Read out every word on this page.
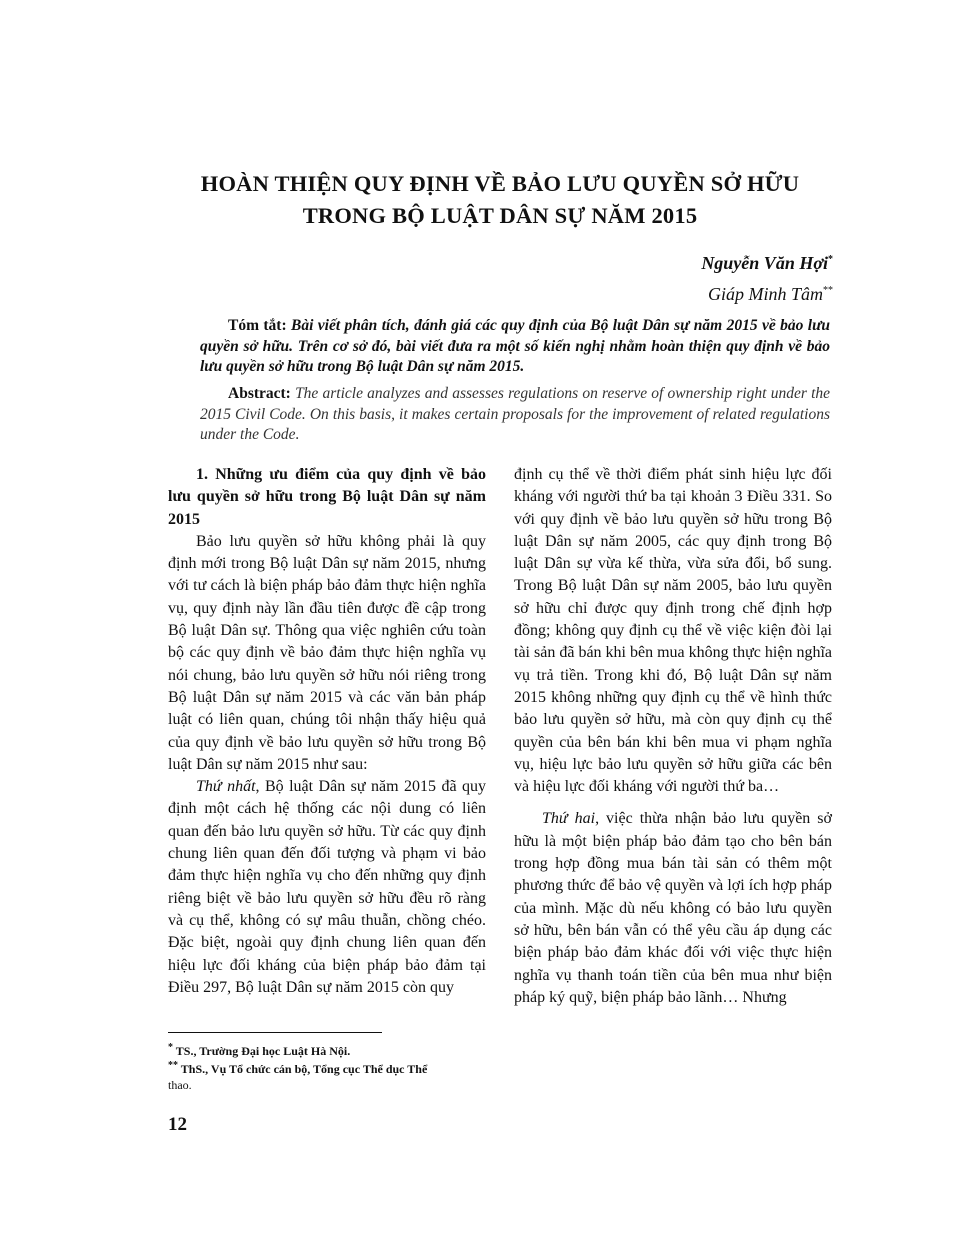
HOÀN THIỆN QUY ĐỊNH VỀ BẢO LƯU QUYỀN SỞ HỮU
TRONG BỘ LUẬT DÂN SỰ NĂM 2015
Nguyễn Văn Hợi*
Giáp Minh Tâm**
Tóm tắt: Bài viết phân tích, đánh giá các quy định của Bộ luật Dân sự năm 2015 về bảo lưu quyền sở hữu. Trên cơ sở đó, bài viết đưa ra một số kiến nghị nhằm hoàn thiện quy định về bảo lưu quyền sở hữu trong Bộ luật Dân sự năm 2015.
Abstract: The article analyzes and assesses regulations on reserve of ownership right under the 2015 Civil Code. On this basis, it makes certain proposals for the improvement of related regulations under the Code.

1. Những ưu điểm của quy định về bảo lưu quyền sở hữu trong Bộ luật Dân sự năm 2015

Bảo lưu quyền sở hữu không phải là quy định mới trong Bộ luật Dân sự năm 2015, nhưng với tư cách là biện pháp bảo đảm thực hiện nghĩa vụ, quy định này lần đầu tiên được đề cập trong Bộ luật Dân sự. Thông qua việc nghiên cứu toàn bộ các quy định về bảo đảm thực hiện nghĩa vụ nói chung, bảo lưu quyền sở hữu nói riêng trong Bộ luật Dân sự năm 2015 và các văn bản pháp luật có liên quan, chúng tôi nhận thấy hiệu quả của quy định về bảo lưu quyền sở hữu trong Bộ luật Dân sự năm 2015 như sau:

Thứ nhất, Bộ luật Dân sự năm 2015 đã quy định một cách hệ thống các nội dung có liên quan đến bảo lưu quyền sở hữu. Từ các quy định chung liên quan đến đối tượng và phạm vi bảo đảm thực hiện nghĩa vụ cho đến những quy định riêng biệt về bảo lưu quyền sở hữu đều rõ ràng và cụ thể, không có sự mâu thuẫn, chồng chéo. Đặc biệt, ngoài quy định chung liên quan đến hiệu lực đối kháng của biện pháp bảo đảm tại Điều 297, Bộ luật Dân sự năm 2015 còn quy

* TS., Trường Đại học Luật Hà Nội.
** ThS., Vụ Tổ chức cán bộ, Tổng cục Thể dục Thể
thao.
12

định cụ thể về thời điểm phát sinh hiệu lực đối kháng với người thứ ba tại khoản 3 Điều 331. So với quy định về bảo lưu quyền sở hữu trong Bộ luật Dân sự năm 2005, các quy định trong Bộ luật Dân sự vừa kế thừa, vừa sửa đổi, bổ sung. Trong Bộ luật Dân sự năm 2005, bảo lưu quyền sở hữu chỉ được quy định trong chế định hợp đồng; không quy định cụ thể về việc kiện đòi lại tài sản đã bán khi bên mua không thực hiện nghĩa vụ trả tiền. Trong khi đó, Bộ luật Dân sự năm 2015 không những quy định cụ thể về hình thức bảo lưu quyền sở hữu, mà còn quy định cụ thể quyền của bên bán khi bên mua vi phạm nghĩa vụ, hiệu lực bảo lưu quyền sở hữu giữa các bên và hiệu lực đối kháng với người thứ ba…

Thứ hai, việc thừa nhận bảo lưu quyền sở hữu là một biện pháp bảo đảm tạo cho bên bán trong hợp đồng mua bán tài sản có thêm một phương thức để bảo vệ quyền và lợi ích hợp pháp của mình. Mặc dù nếu không có bảo lưu quyền sở hữu, bên bán vẫn có thể yêu cầu áp dụng các biện pháp bảo đảm khác đối với việc thực hiện nghĩa vụ thanh toán tiền của bên mua như biện pháp ký quỹ, biện pháp bảo lãnh… Nhưng
